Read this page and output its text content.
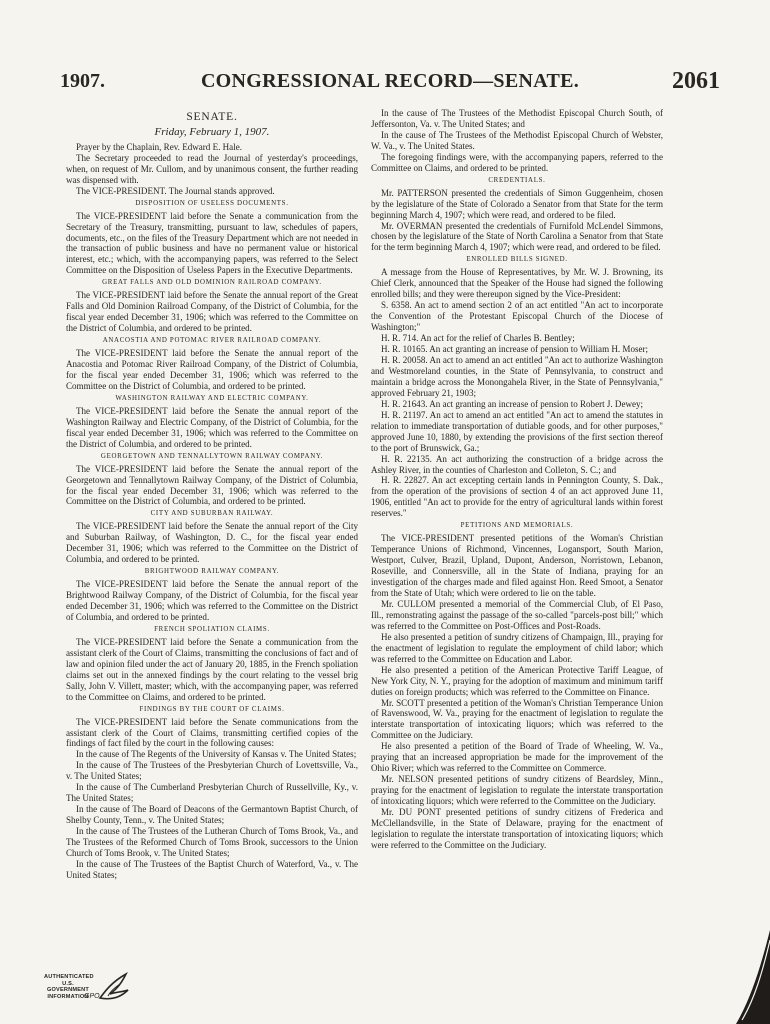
1907.	CONGRESSIONAL RECORD—SENATE.	2061
SENATE.
Friday, February 1, 1907.

Prayer by the Chaplain, Rev. Edward E. Hale.

The Secretary proceeded to read the Journal of yesterday's proceedings, when, on request of Mr. Cullom, and by unanimous consent, the further reading was dispensed with.

The VICE-PRESIDENT. The Journal stands approved.

DISPOSITION OF USELESS DOCUMENTS.

The VICE-PRESIDENT laid before the Senate a communication from the Secretary of the Treasury, transmitting, pursuant to law, schedules of papers, documents, etc., on the files of the Treasury Department which are not needed in the transaction of public business and have no permanent value or historical interest, etc.; which, with the accompanying papers, was referred to the Select Committee on the Disposition of Useless Papers in the Executive Departments.

GREAT FALLS AND OLD DOMINION RAILROAD COMPANY.

The VICE-PRESIDENT laid before the Senate the annual report of the Great Falls and Old Dominion Railroad Company, of the District of Columbia, for the fiscal year ended December 31, 1906; which was referred to the Committee on the District of Columbia, and ordered to be printed.

ANACOSTIA AND POTOMAC RIVER RAILROAD COMPANY.

The VICE-PRESIDENT laid before the Senate the annual report of the Anacostia and Potomac River Railroad Company, of the District of Columbia, for the fiscal year ended December 31, 1906; which was referred to the Committee on the District of Columbia, and ordered to be printed.

WASHINGTON RAILWAY AND ELECTRIC COMPANY.

The VICE-PRESIDENT laid before the Senate the annual report of the Washington Railway and Electric Company, of the District of Columbia, for the fiscal year ended December 31, 1906; which was referred to the Committee on the District of Columbia, and ordered to be printed.

GEORGETOWN AND TENNALLYTOWN RAILWAY COMPANY.

The VICE-PRESIDENT laid before the Senate the annual report of the Georgetown and Tennallytown Railway Company, of the District of Columbia, for the fiscal year ended December 31, 1906; which was referred to the Committee on the District of Columbia, and ordered to be printed.

CITY AND SUBURBAN RAILWAY.

The VICE-PRESIDENT laid before the Senate the annual report of the City and Suburban Railway, of Washington, D. C., for the fiscal year ended December 31, 1906; which was referred to the Committee on the District of Columbia, and ordered to be printed.

BRIGHTWOOD RAILWAY COMPANY.

The VICE-PRESIDENT laid before the Senate the annual report of the Brightwood Railway Company, of the District of Columbia, for the fiscal year ended December 31, 1906; which was referred to the Committee on the District of Columbia, and ordered to be printed.

FRENCH SPOLIATION CLAIMS.

The VICE-PRESIDENT laid before the Senate a communication from the assistant clerk of the Court of Claims, transmitting the conclusions of fact and of law and opinion filed under the act of January 20, 1885, in the French spoliation claims set out in the annexed findings by the court relating to the vessel brig Sally, John V. Villett, master; which, with the accompanying paper, was referred to the Committee on Claims, and ordered to be printed.

FINDINGS BY THE COURT OF CLAIMS.

The VICE-PRESIDENT laid before the Senate communications from the assistant clerk of the Court of Claims, transmitting certified copies of the findings of fact filed by the court in the following causes:

In the cause of The Regents of the University of Kansas v. The United States;

In the cause of The Trustees of the Presbyterian Church of Lovettsville, Va., v. The United States;

In the cause of The Cumberland Presbyterian Church of Russellville, Ky., v. The United States;

In the cause of The Board of Deacons of the Germantown Baptist Church, of Shelby County, Tenn., v. The United States;

In the cause of The Trustees of the Lutheran Church of Toms Brook, Va., and The Trustees of the Reformed Church of Toms Brook, successors to the Union Church of Toms Brook, v. The United States;

In the cause of The Trustees of the Baptist Church of Waterford, Va., v. The United States;

In the cause of The Trustees of the Methodist Episcopal Church South, of Jeffersonton, Va. v. The United States; and

In the cause of The Trustees of the Methodist Episcopal Church of Webster, W. Va., v. The United States.

The foregoing findings were, with the accompanying papers, referred to the Committee on Claims, and ordered to be printed.

CREDENTIALS.

Mr. PATTERSON presented the credentials of Simon Guggenheim, chosen by the legislature of the State of Colorado a Senator from that State for the term beginning March 4, 1907; which were read, and ordered to be filed.

Mr. OVERMAN presented the credentials of Furnifold McLendel Simmons, chosen by the legislature of the State of North Carolina a Senator from that State for the term beginning March 4, 1907; which were read, and ordered to be filed.

ENROLLED BILLS SIGNED.

A message from the House of Representatives, by Mr. W. J. Browning, its Chief Clerk, announced that the Speaker of the House had signed the following enrolled bills; and they were thereupon signed by the Vice-President:

S. 6358. An act to amend section 2 of an act entitled "An act to incorporate the Convention of the Protestant Episcopal Church of the Diocese of Washington;"

H. R. 714. An act for the relief of Charles B. Bentley;

H. R. 10165. An act granting an increase of pension to William H. Moser;

H. R. 20058. An act to amend an act entitled "An act to authorize Washington and Westmoreland counties, in the State of Pennsylvania, to construct and maintain a bridge across the Monongahela River, in the State of Pennsylvania," approved February 21, 1903;

H. R. 21643. An act granting an increase of pension to Robert J. Dewey;

H. R. 21197. An act to amend an act entitled "An act to amend the statutes in relation to immediate transportation of dutiable goods, and for other purposes," approved June 10, 1880, by extending the provisions of the first section thereof to the port of Brunswick, Ga.;

H. R. 22135. An act authorizing the construction of a bridge across the Ashley River, in the counties of Charleston and Colleton, S. C.; and

H. R. 22827. An act excepting certain lands in Pennington County, S. Dak., from the operation of the provisions of section 4 of an act approved June 11, 1906, entitled "An act to provide for the entry of agricultural lands within forest reserves."

PETITIONS AND MEMORIALS.

The VICE-PRESIDENT presented petitions of the Woman's Christian Temperance Unions of Richmond, Vincennes, Logansport, South Marion, Westport, Culver, Brazil, Upland, Dupont, Anderson, Norristown, Lebanon, Roseville, and Connersville, all in the State of Indiana, praying for an investigation of the charges made and filed against Hon. Reed Smoot, a Senator from the State of Utah; which were ordered to lie on the table.

Mr. CULLOM presented a memorial of the Commercial Club, of El Paso, Ill., remonstrating against the passage of the so-called "parcels-post bill;" which was referred to the Committee on Post-Offices and Post-Roads.

He also presented a petition of sundry citizens of Champaign, Ill., praying for the enactment of legislation to regulate the employment of child labor; which was referred to the Committee on Education and Labor.

He also presented a petition of the American Protective Tariff League, of New York City, N. Y., praying for the adoption of maximum and minimum tariff duties on foreign products; which was referred to the Committee on Finance.

Mr. SCOTT presented a petition of the Woman's Christian Temperance Union of Ravenswood, W. Va., praying for the enactment of legislation to regulate the interstate transportation of intoxicating liquors; which was referred to the Committee on the Judiciary.

He also presented a petition of the Board of Trade of Wheeling, W. Va., praying that an increased appropriation be made for the improvement of the Ohio River; which was referred to the Committee on Commerce.

Mr. NELSON presented petitions of sundry citizens of Beardsley, Minn., praying for the enactment of legislation to regulate the interstate transportation of intoxicating liquors; which were referred to the Committee on the Judiciary.

Mr. DU PONT presented petitions of sundry citizens of Frederica and McClellandsville, in the State of Delaware, praying for the enactment of legislation to regulate the interstate transportation of intoxicating liquors; which were referred to the Committee on the Judiciary.

AUTHENTICATED
U.S. GOVERNMENT
INFORMATION
GPO
